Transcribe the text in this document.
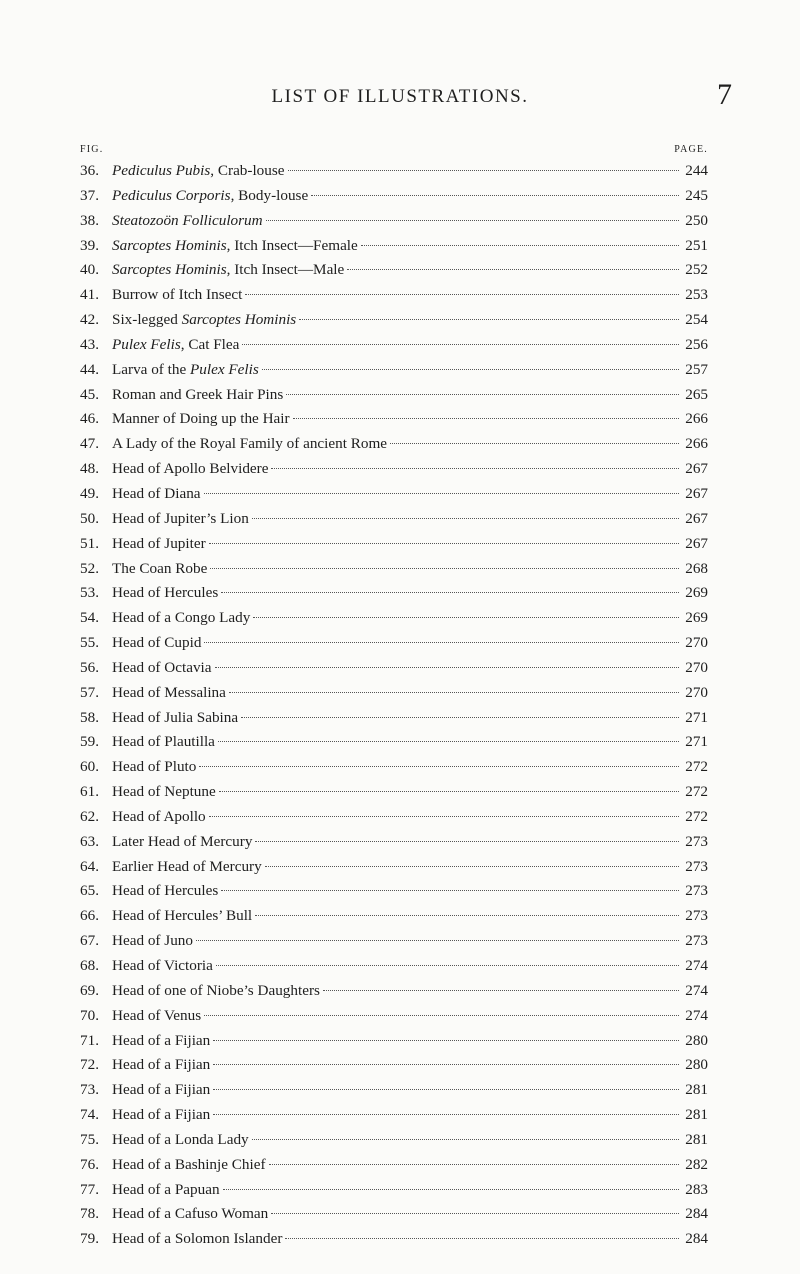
LIST OF ILLUSTRATIONS.	7
FIG.	PAGE.
36. Pediculus Pubis, Crab-louse	244
37. Pediculus Corporis, Body-louse	245
38. Steatozoön Folliculorum	250
39. Sarcoptes Hominis, Itch Insect—Female	251
40. Sarcoptes Hominis, Itch Insect—Male	252
41. Burrow of Itch Insect	253
42. Six-legged Sarcoptes Hominis	254
43. Pulex Felis, Cat Flea	256
44. Larva of the Pulex Felis	257
45. Roman and Greek Hair Pins	265
46. Manner of Doing up the Hair	266
47. A Lady of the Royal Family of ancient Rome	266
48. Head of Apollo Belvidere	267
49. Head of Diana	267
50. Head of Jupiter’s Lion	267
51. Head of Jupiter	267
52. The Coan Robe	268
53. Head of Hercules	269
54. Head of a Congo Lady	269
55. Head of Cupid	270
56. Head of Octavia	270
57. Head of Messalina	270
58. Head of Julia Sabina	271
59. Head of Plautilla	271
60. Head of Pluto	272
61. Head of Neptune	272
62. Head of Apollo	272
63. Later Head of Mercury	273
64. Earlier Head of Mercury	273
65. Head of Hercules	273
66. Head of Hercules’ Bull	273
67. Head of Juno	273
68. Head of Victoria	274
69. Head of one of Niobe’s Daughters	274
70. Head of Venus	274
71. Head of a Fijian	280
72. Head of a Fijian	280
73. Head of a Fijian	281
74. Head of a Fijian	281
75. Head of a Londa Lady	281
76. Head of a Bashinje Chief	282
77. Head of a Papuan	283
78. Head of a Cafuso Woman	284
79. Head of a Solomon Islander	284
